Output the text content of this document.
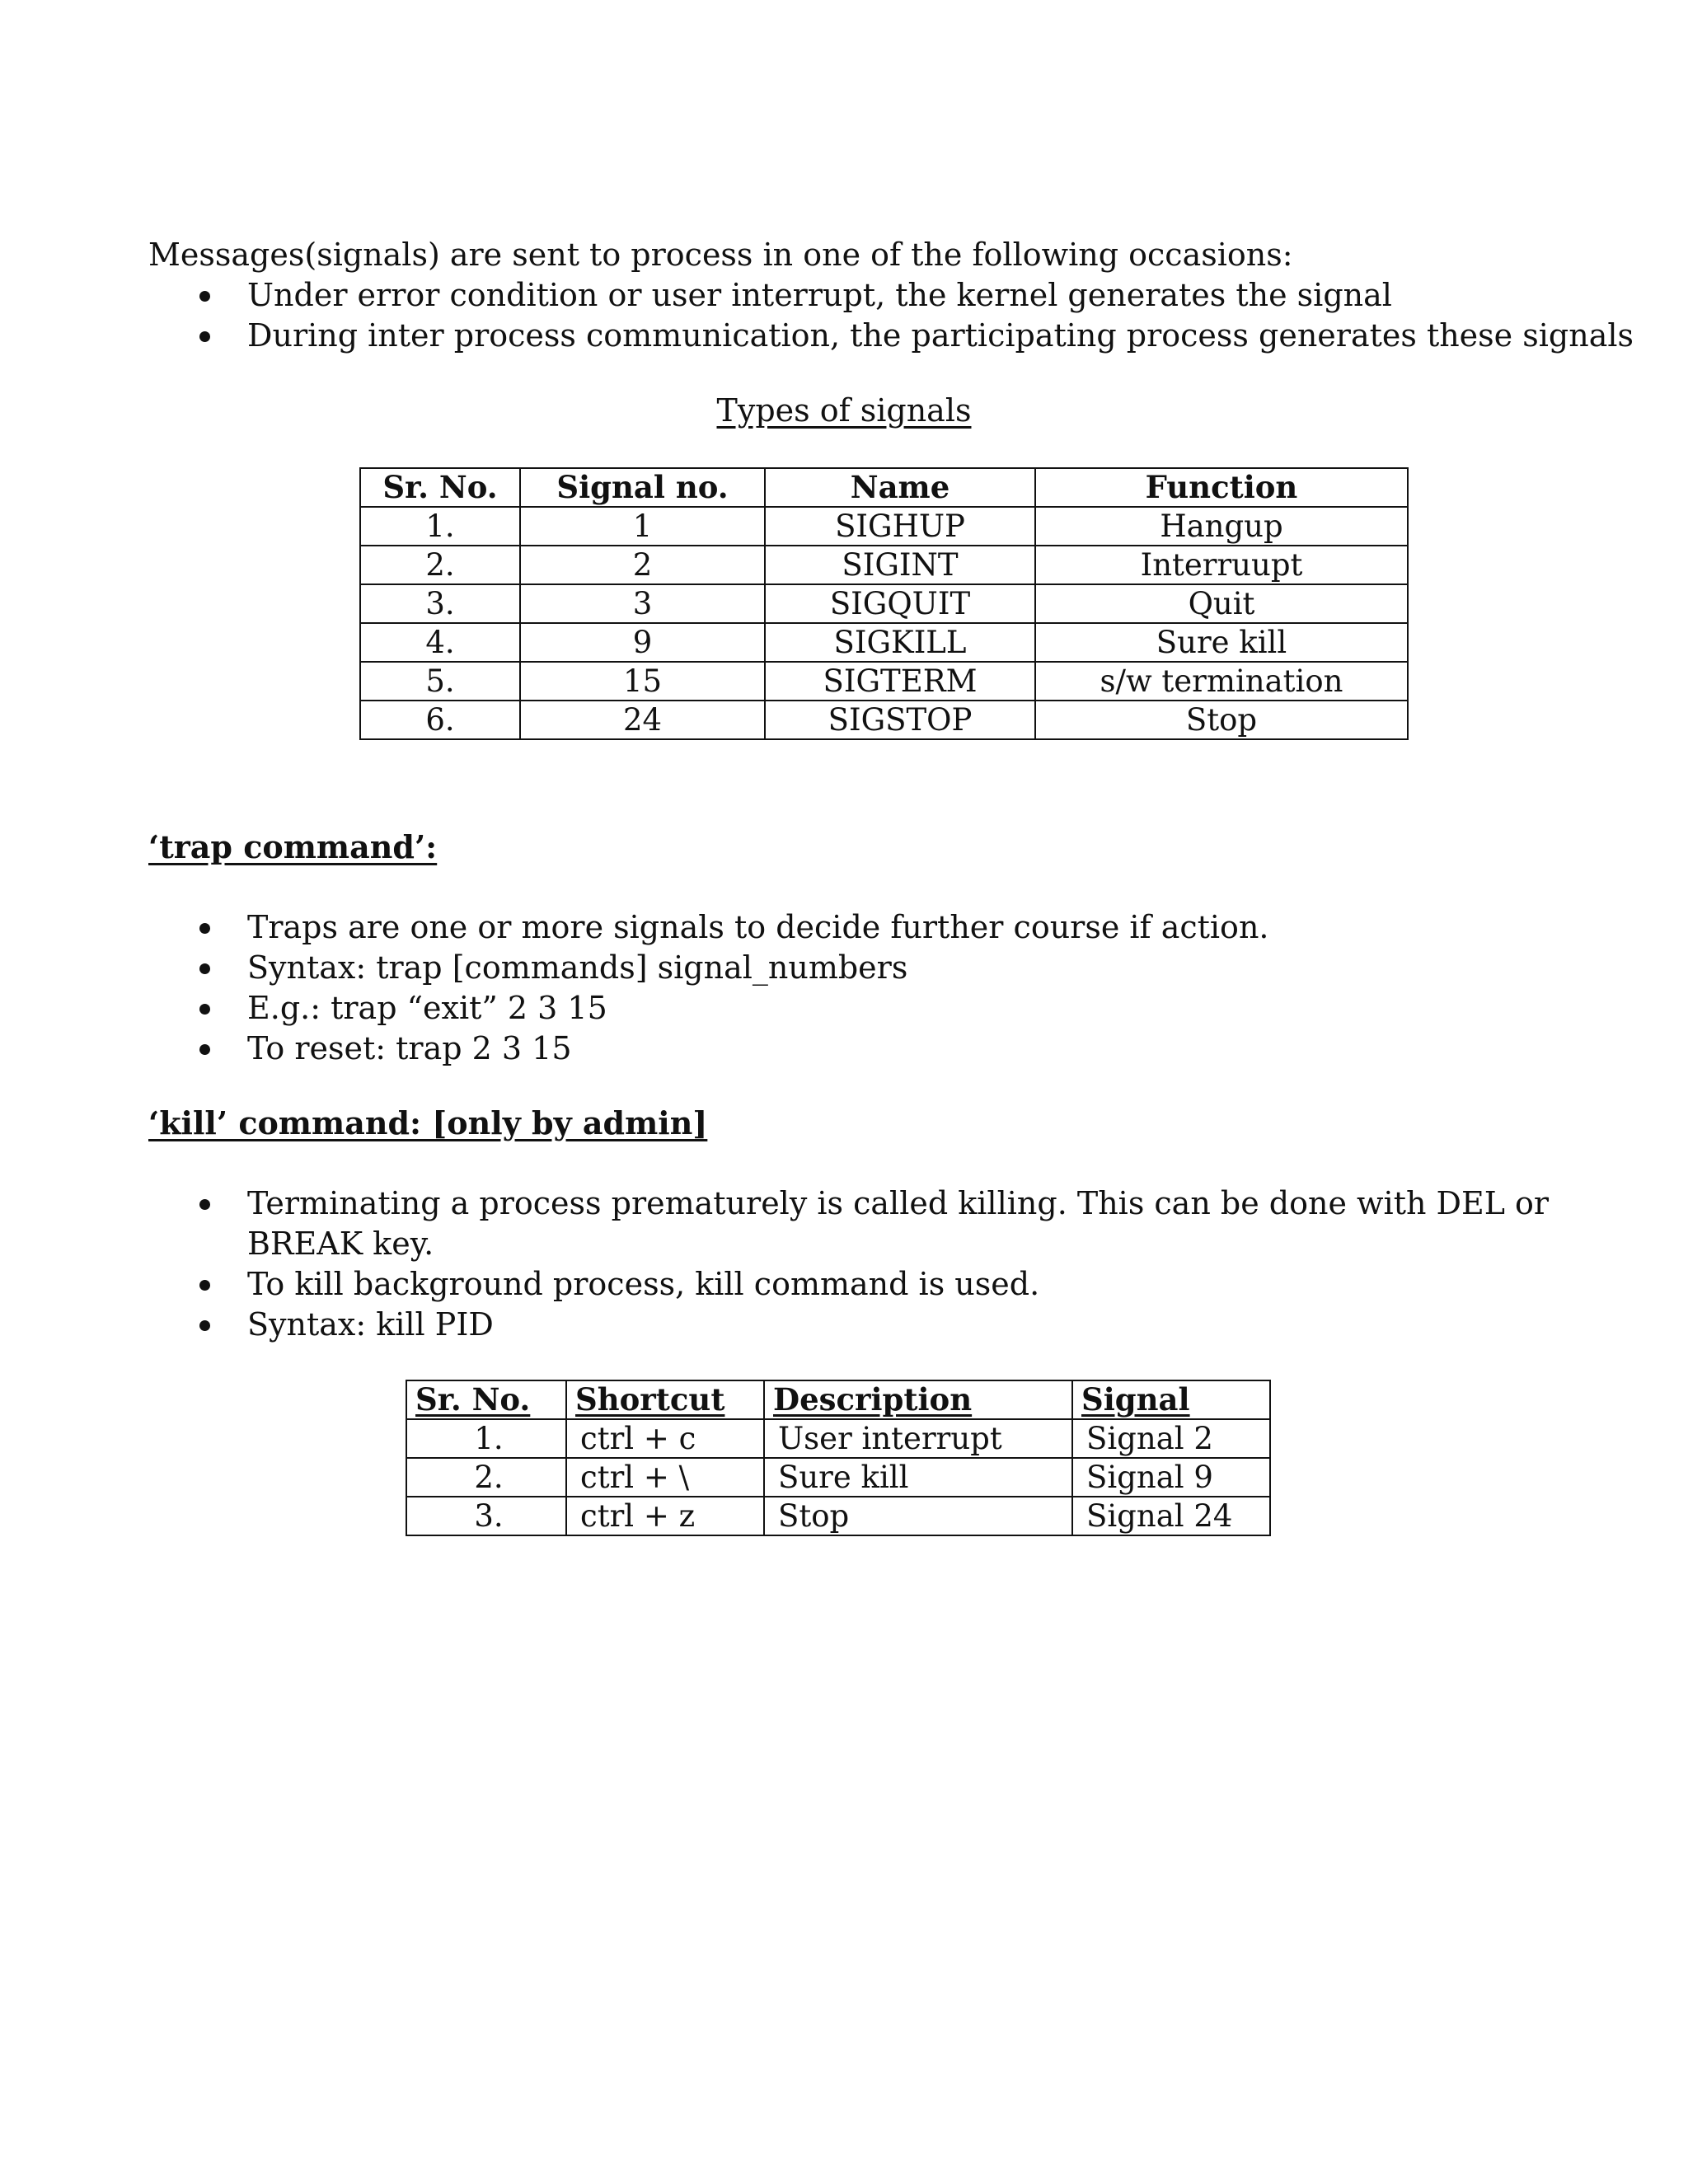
Messages(signals) are sent to process in one of the following occasions:
Under error condition or user interrupt, the kernel generates the signal
During inter process communication, the participating process generates these signals
Types of signals
Sr. No.	Signal no.	Name	Function
1.	1	SIGHUP	Hangup
2.	2	SIGINT	Interruupt
3.	3	SIGQUIT	Quit
4.	9	SIGKILL	Sure kill
5.	15	SIGTERM	s/w termination
6.	24	SIGSTOP	Stop
‘trap command’:
Traps are one or more signals to decide further course if action.
Syntax: trap [commands] signal_numbers
E.g.: trap “exit” 2 3 15
To reset: trap 2 3 15
‘kill’ command: [only by admin]
Terminating a process prematurely is called killing. This can be done with DEL or BREAK key.
To kill background process, kill command is used.
Syntax: kill PID
Sr. No.	Shortcut	Description	Signal
1.	ctrl + c	User interrupt	Signal 2
2.	ctrl + \	Sure kill	Signal 9
3.	ctrl + z	Stop	Signal 24
